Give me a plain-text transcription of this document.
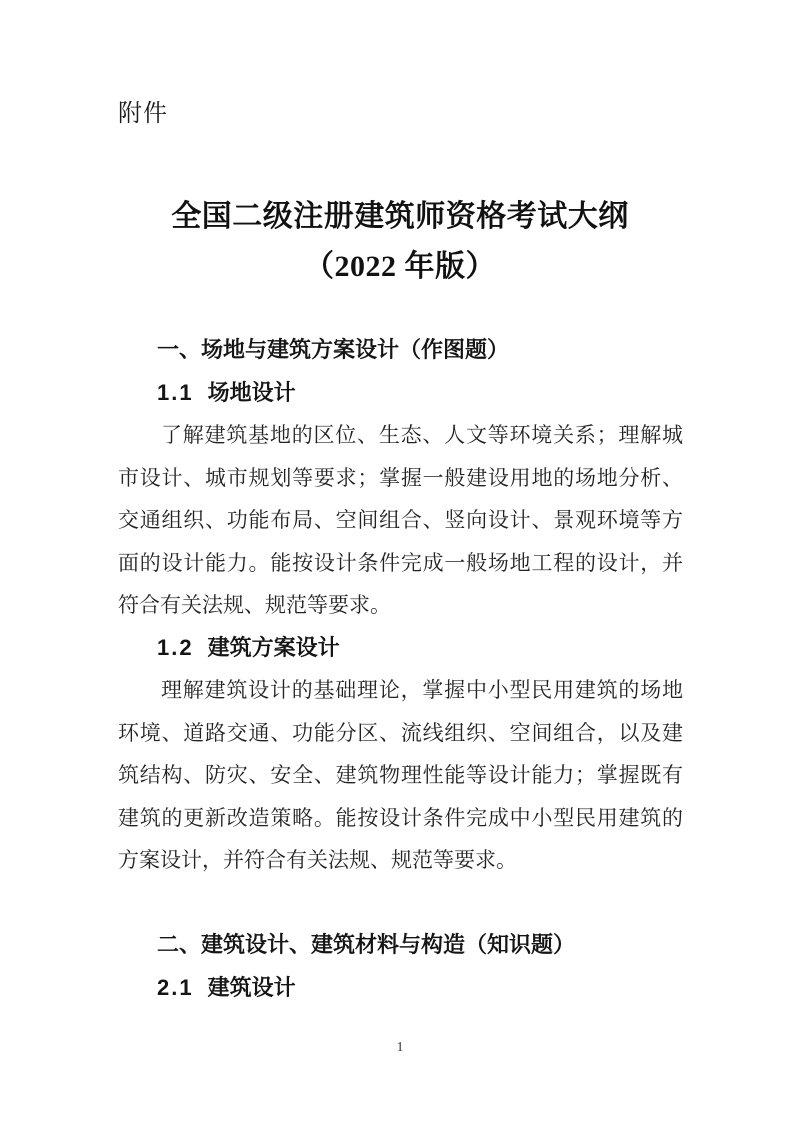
附件
全国二级注册建筑师资格考试大纲
（2022 年版）
一、场地与建筑方案设计（作图题）
1.1 场地设计

了解建筑基地的区位、生态、人文等环境关系；理解城市设计、城市规划等要求；掌握一般建设用地的场地分析、交通组织、功能布局、空间组合、竖向设计、景观环境等方面的设计能力。能按设计条件完成一般场地工程的设计，并符合有关法规、规范等要求。

1.2 建筑方案设计

理解建筑设计的基础理论，掌握中小型民用建筑的场地环境、道路交通、功能分区、流线组织、空间组合，以及建筑结构、防灾、安全、建筑物理性能等设计能力；掌握既有建筑的更新改造策略。能按设计条件完成中小型民用建筑的方案设计，并符合有关法规、规范等要求。

二、建筑设计、建筑材料与构造（知识题）
2.1 建筑设计
1
